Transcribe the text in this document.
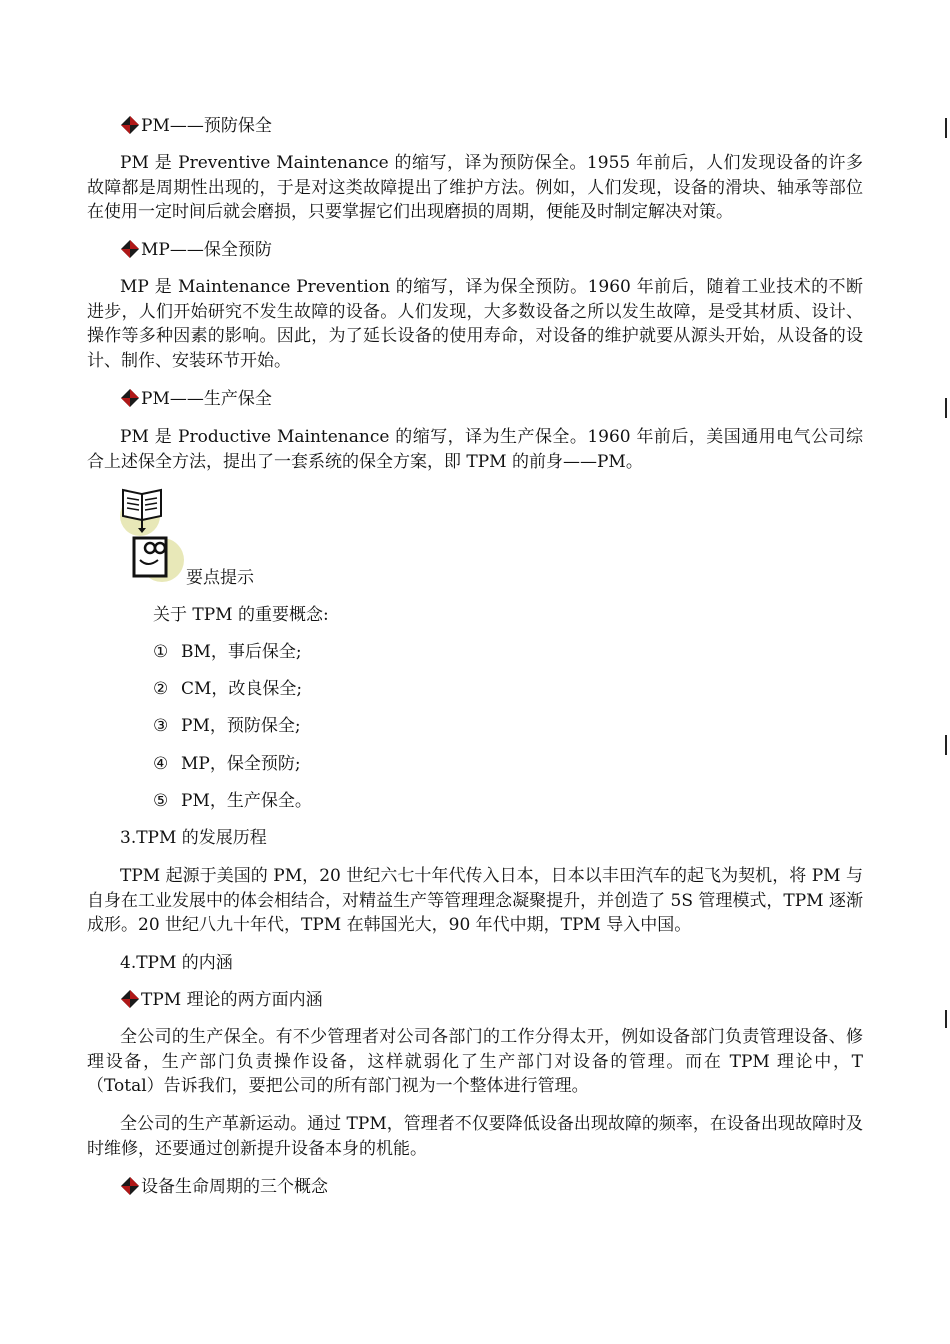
PM——预防保全
PM 是 Preventive Maintenance 的缩写，译为预防保全。1955 年前后，人们发现设备的许多故障都是周期性出现的，于是对这类故障提出了维护方法。例如，人们发现，设备的滑块、轴承等部位在使用一定时间后就会磨损，只要掌握它们出现磨损的周期，便能及时制定解决对策。
MP——保全预防
MP 是 Maintenance Prevention 的缩写，译为保全预防。1960 年前后，随着工业技术的不断进步，人们开始研究不发生故障的设备。人们发现，大多数设备之所以发生故障，是受其材质、设计、操作等多种因素的影响。因此，为了延长设备的使用寿命，对设备的维护就要从源头开始，从设备的设计、制作、安装环节开始。
PM——生产保全
PM 是 Productive Maintenance 的缩写，译为生产保全。1960 年前后，美国通用电气公司综合上述保全方法，提出了一套系统的保全方案，即 TPM 的前身——PM。
要点提示
关于 TPM 的重要概念:
① BM，事后保全;
② CM，改良保全;
③ PM，预防保全;
④ MP，保全预防;
⑤ PM，生产保全。
3.TPM 的发展历程
TPM 起源于美国的 PM，20 世纪六七十年代传入日本，日本以丰田汽车的起飞为契机，将 PM 与自身在工业发展中的体会相结合，对精益生产等管理理念凝聚提升，并创造了 5S 管理模式，TPM 逐渐成形。20 世纪八九十年代，TPM 在韩国光大，90 年代中期，TPM 导入中国。
4.TPM 的内涵
TPM 理论的两方面内涵
全公司的生产保全。有不少管理者对公司各部门的工作分得太开，例如设备部门负责管理设备、修理设备，生产部门负责操作设备，这样就弱化了生产部门对设备的管理。而在 TPM 理论中，T（Total）告诉我们，要把公司的所有部门视为一个整体进行管理。
全公司的生产革新运动。通过 TPM，管理者不仅要降低设备出现故障的频率，在设备出现故障时及时维修，还要通过创新提升设备本身的机能。
设备生命周期的三个概念
